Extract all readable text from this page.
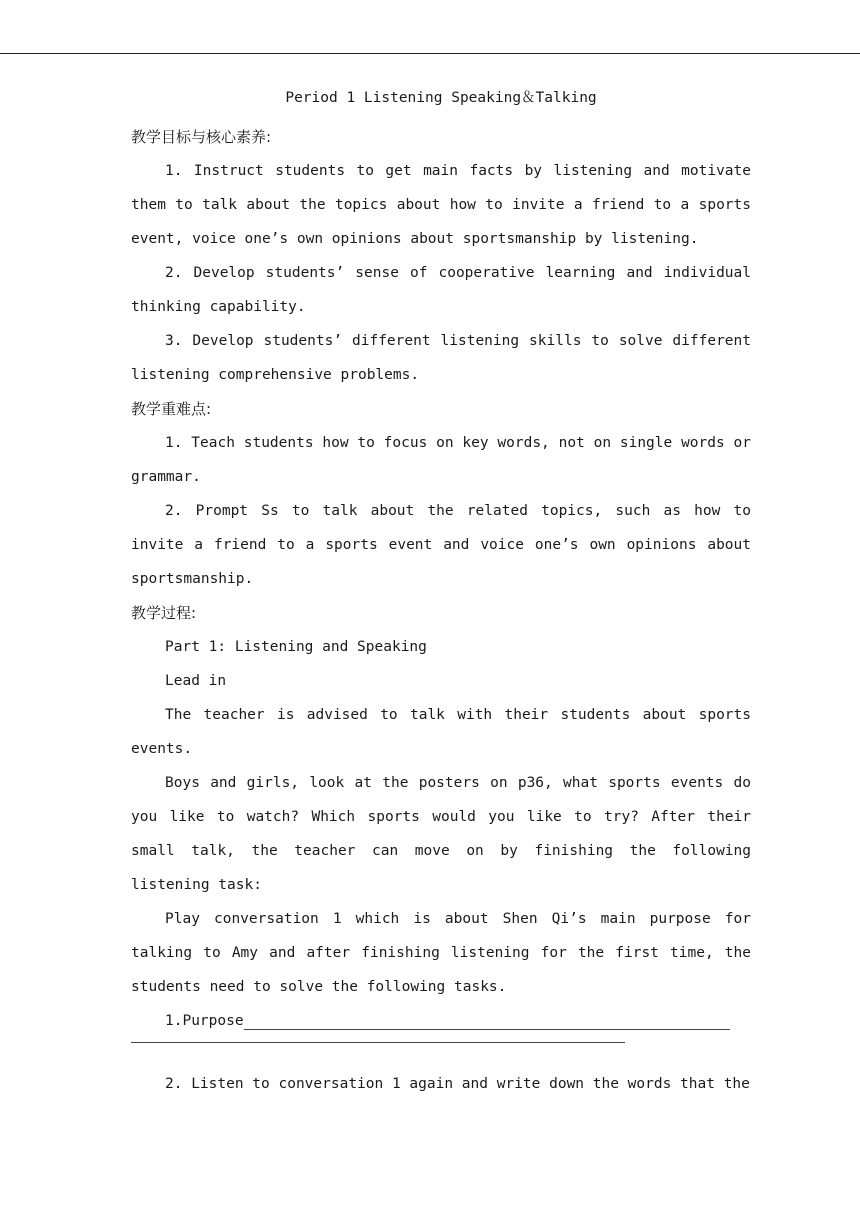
Period 1 Listening Speaking＆Talking

教学目标与核心素养:

1. Instruct students to get main facts by listening and motivate them to talk about the topics about how to invite a friend to a sports event, voice one’s own opinions about sportsmanship by listening.

2. Develop students’ sense of cooperative learning and individual thinking capability.

3. Develop students’ different listening skills to solve different listening comprehensive problems.

教学重难点:

1. Teach students how to focus on key words, not on single words or grammar.

2. Prompt Ss to talk about the related topics, such as how to invite a friend to a sports event and voice one’s own opinions about sportsmanship.

教学过程:

Part 1: Listening and Speaking

Lead in

The teacher is advised to talk with their students about sports events.

Boys and girls, look at the posters on p36, what sports events do you like to watch? Which sports would you like to try? After their small talk, the teacher can move on by finishing the following listening task:

Play conversation 1 which is about Shen Qi’s main purpose for talking to Amy and after finishing listening for the first time, the students need to solve the following tasks.

1.Purpose

2. Listen to conversation 1 again and write down the words that the
